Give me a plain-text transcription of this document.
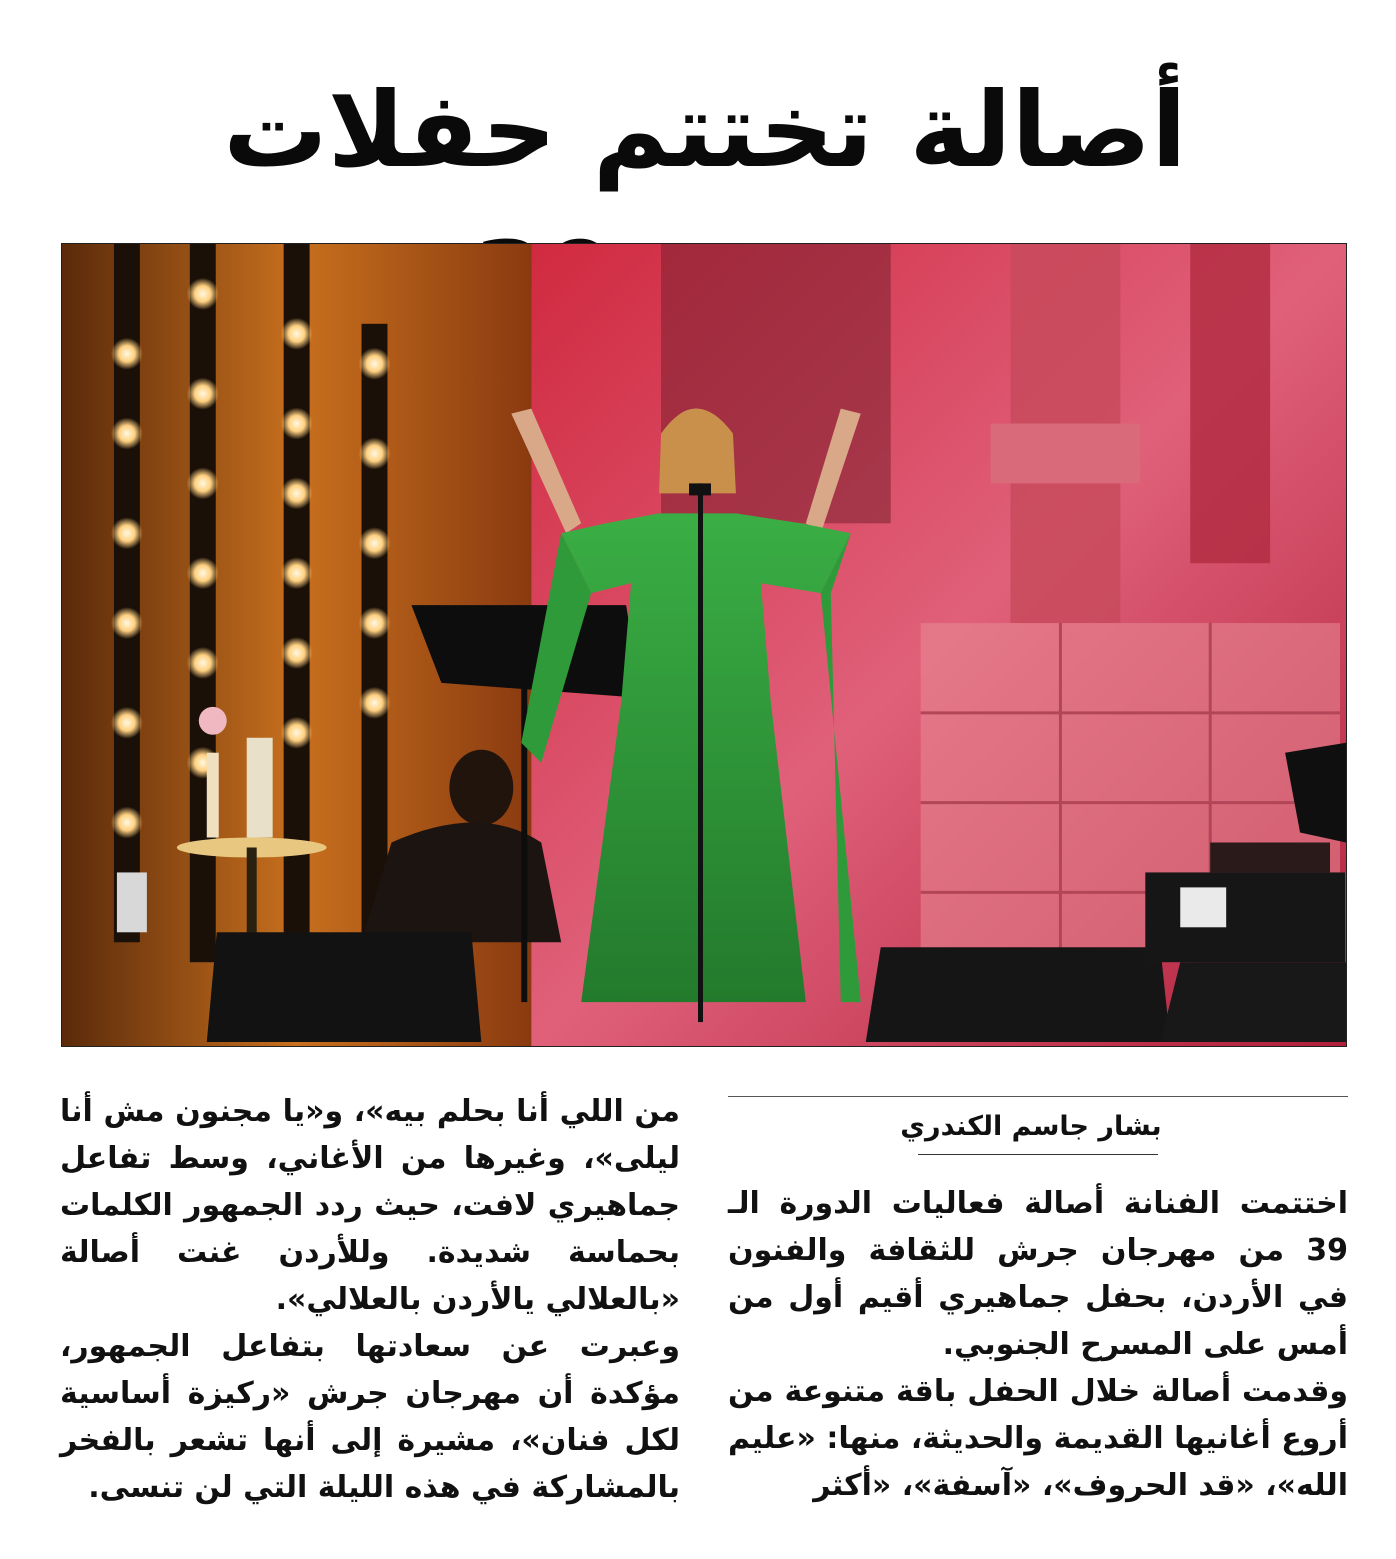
أصالة تختتم حفلات
بشار جاسم الكندري

اختتمت الفنانة أصالة فعاليات الدورة الـ 39 من مهرجان جرش للثقافة والفنون في الأردن، بحفل جماهيري أقيم أول من أمس على المسرح الجنوبي.

وقدمت أصالة خلال الحفل باقة متنوعة من أروع أغانيها القديمة والحديثة، منها: «عليم الله»، «قد الحروف»، «آسفة»، «أكثر

من اللي أنا بحلم بيه»، و«يا مجنون مش أنا ليلى»، وغيرها من الأغاني، وسط تفاعل جماهيري لافت، حيث ردد الجمهور الكلمات بحماسة شديدة. وللأردن غنت أصالة «بالعلالي يالأردن بالعلالي».

وعبرت عن سعادتها بتفاعل الجمهور، مؤكدة أن مهرجان جرش «ركيزة أساسية لكل فنان»، مشيرة إلى أنها تشعر بالفخر بالمشاركة في هذه الليلة التي لن تنسى.
